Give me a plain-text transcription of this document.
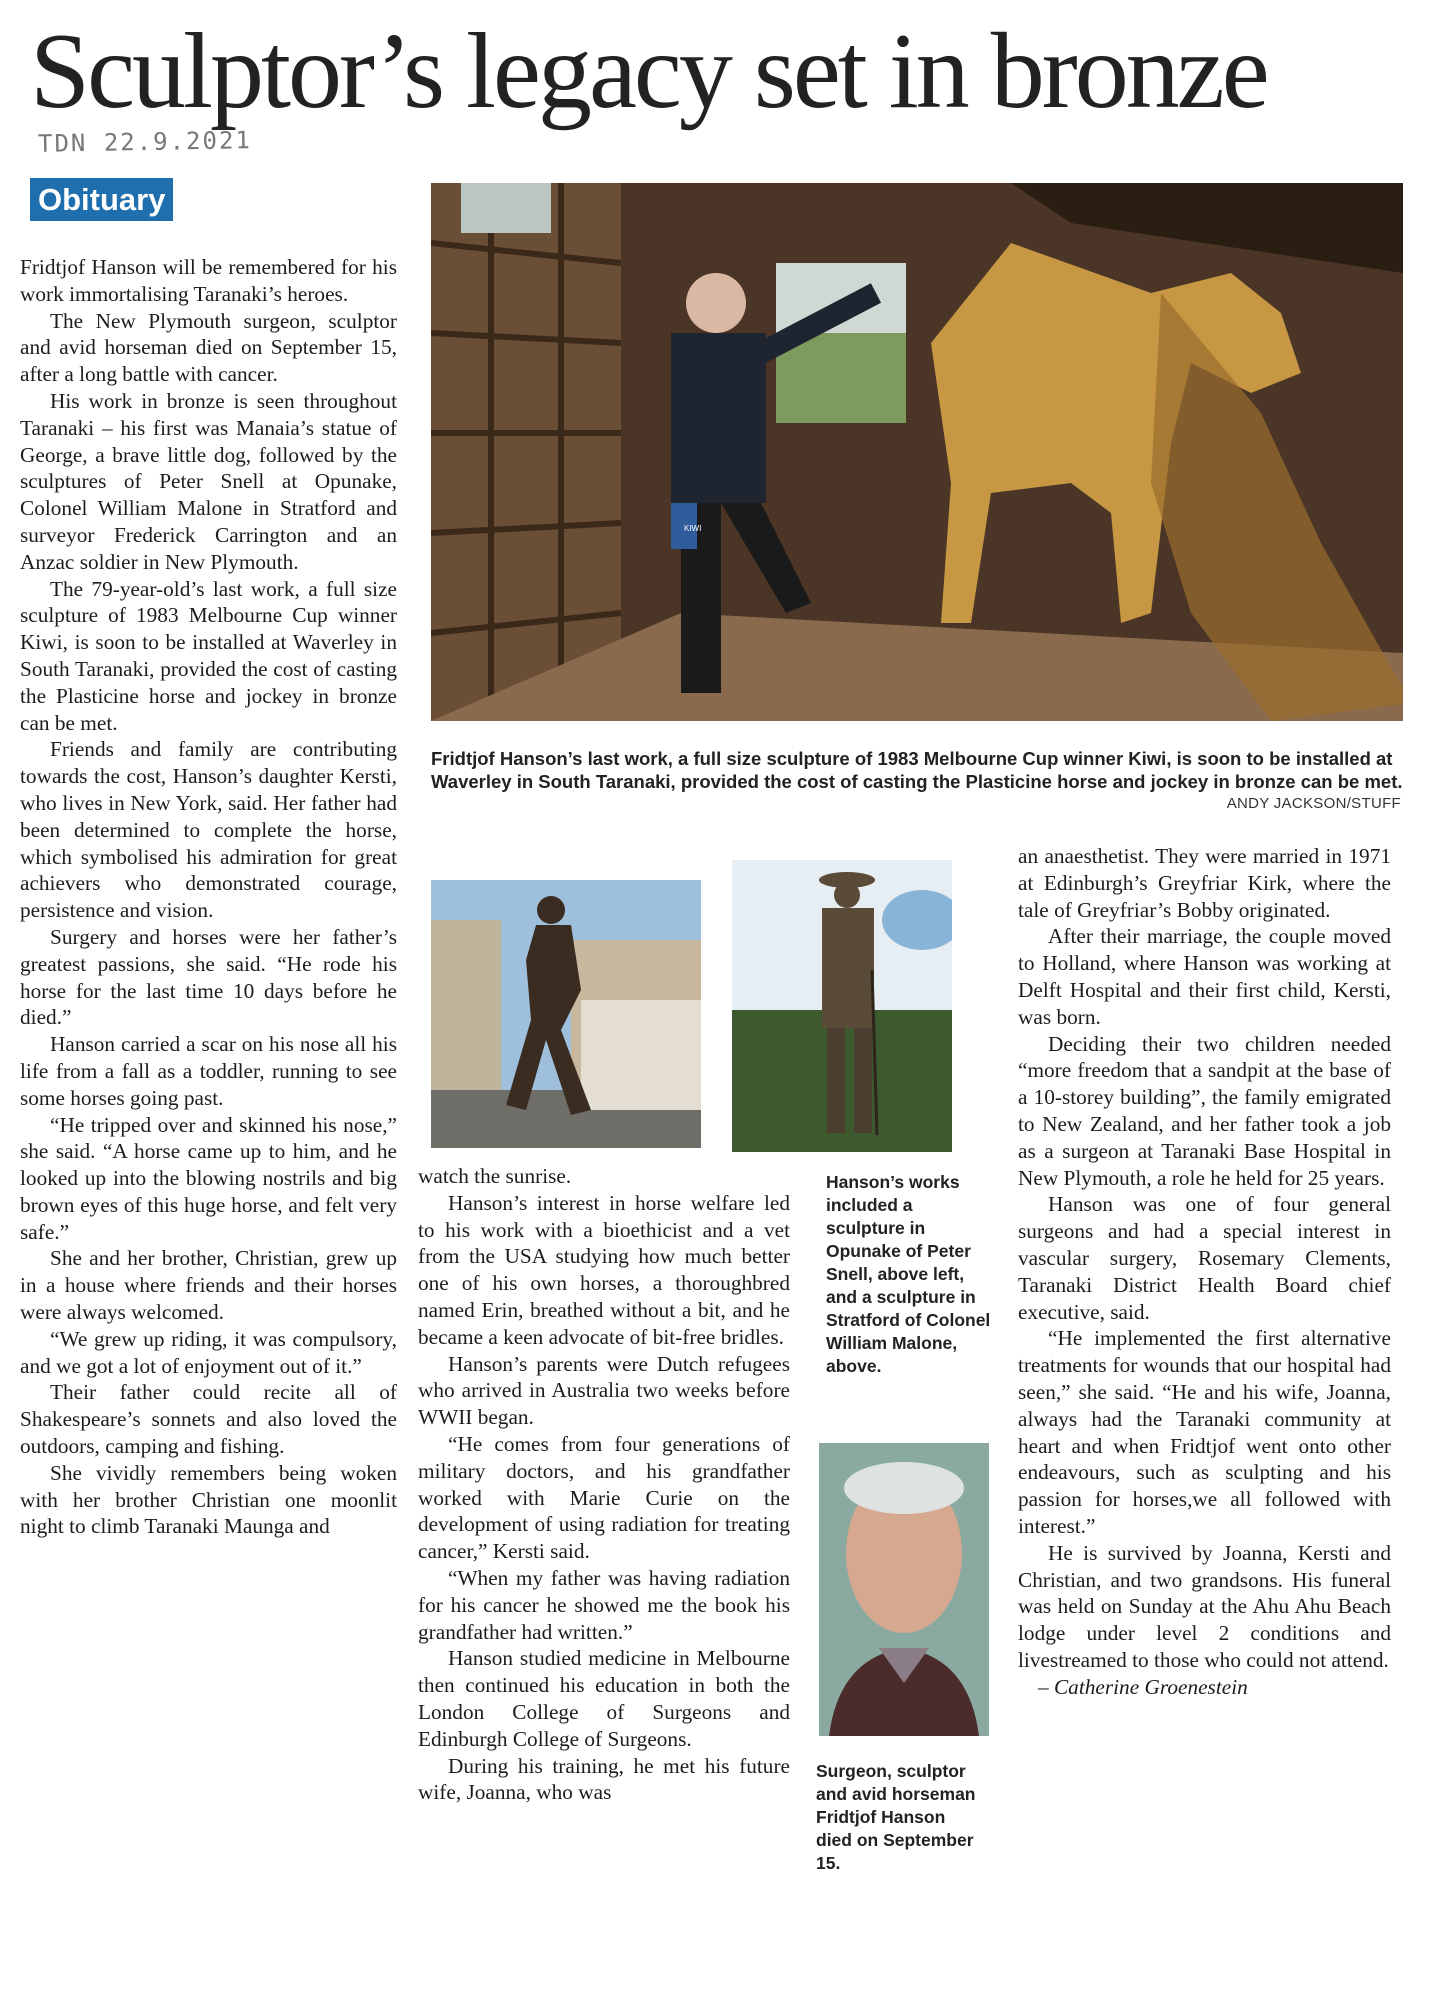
Sculptor’s legacy set in bronze
TDN 22.9.2021
Obituary
KIWI
Fridtjof Hanson’s last work, a full size sculpture of 1983 Melbourne Cup winner Kiwi, is soon to be installed at Waverley in South Taranaki, provided the cost of casting the Plasticine horse and jockey in bronze can be met.
ANDY JACKSON/STUFF
Hanson’s works included a sculpture in Opunake of Peter Snell, above left, and a sculpture in Stratford of Colonel William Malone, above.
Surgeon, sculptor and avid horseman Fridtjof Hanson died on September 15.

Fridtjof Hanson will be remembered for his work immortalising Taranaki’s heroes.

The New Plymouth surgeon, sculptor and avid horseman died on September 15, after a long battle with cancer.

His work in bronze is seen throughout Taranaki – his first was Manaia’s statue of George, a brave little dog, followed by the sculptures of Peter Snell at Opunake, Colonel William Malone in Stratford and surveyor Frederick Carrington and an Anzac soldier in New Plymouth.

The 79-year-old’s last work, a full size sculpture of 1983 Melbourne Cup winner Kiwi, is soon to be installed at Waverley in South Taranaki, provided the cost of casting the Plasticine horse and jockey in bronze can be met.

Friends and family are contributing towards the cost, Hanson’s daughter Kersti, who lives in New York, said. Her father had been determined to complete the horse, which symbolised his admiration for great achievers who demonstrated courage, persistence and vision.

Surgery and horses were her father’s greatest passions, she said. “He rode his horse for the last time 10 days before he died.”

Hanson carried a scar on his nose all his life from a fall as a toddler, running to see some horses going past.

“He tripped over and skinned his nose,” she said. “A horse came up to him, and he looked up into the blowing nostrils and big brown eyes of this huge horse, and felt very safe.”

She and her brother, Christian, grew up in a house where friends and their horses were always welcomed.

“We grew up riding, it was compulsory, and we got a lot of enjoyment out of it.”

Their father could recite all of Shakespeare’s sonnets and also loved the outdoors, camping and fishing.

She vividly remembers being woken with her brother Christian one moonlit night to climb Taranaki Maunga and

watch the sunrise.

Hanson’s interest in horse welfare led to his work with a bioethicist and a vet from the USA studying how much better one of his own horses, a thoroughbred named Erin, breathed without a bit, and he became a keen advocate of bit-free bridles.

Hanson’s parents were Dutch refugees who arrived in Australia two weeks before WWII began.

“He comes from four generations of military doctors, and his grandfather worked with Marie Curie on the development of using radiation for treating cancer,” Kersti said.

“When my father was having radiation for his cancer he showed me the book his grandfather had written.”

Hanson studied medicine in Melbourne then continued his education in both the London College of Surgeons and Edinburgh College of Surgeons.

During his training, he met his future wife, Joanna, who was

an anaesthetist. They were married in 1971 at Edinburgh’s Greyfriar Kirk, where the tale of Greyfriar’s Bobby originated.

After their marriage, the couple moved to Holland, where Hanson was working at Delft Hospital and their first child, Kersti, was born.

Deciding their two children needed “more freedom that a sandpit at the base of a 10-storey building”, the family emigrated to New Zealand, and her father took a job as a surgeon at Taranaki Base Hospital in New Plymouth, a role he held for 25 years.

Hanson was one of four general surgeons and had a special interest in vascular surgery, Rosemary Clements, Taranaki District Health Board chief executive, said.

“He implemented the first alternative treatments for wounds that our hospital had seen,” she said. “He and his wife, Joanna, always had the Taranaki community at heart and when Fridtjof went onto other endeavours, such as sculpting and his passion for horses,we all followed with interest.”

He is survived by Joanna, Kersti and Christian, and two grandsons. His funeral was held on Sunday at the Ahu Ahu Beach lodge under level 2 conditions and livestreamed to those who could not attend.

– Catherine Groenestein
